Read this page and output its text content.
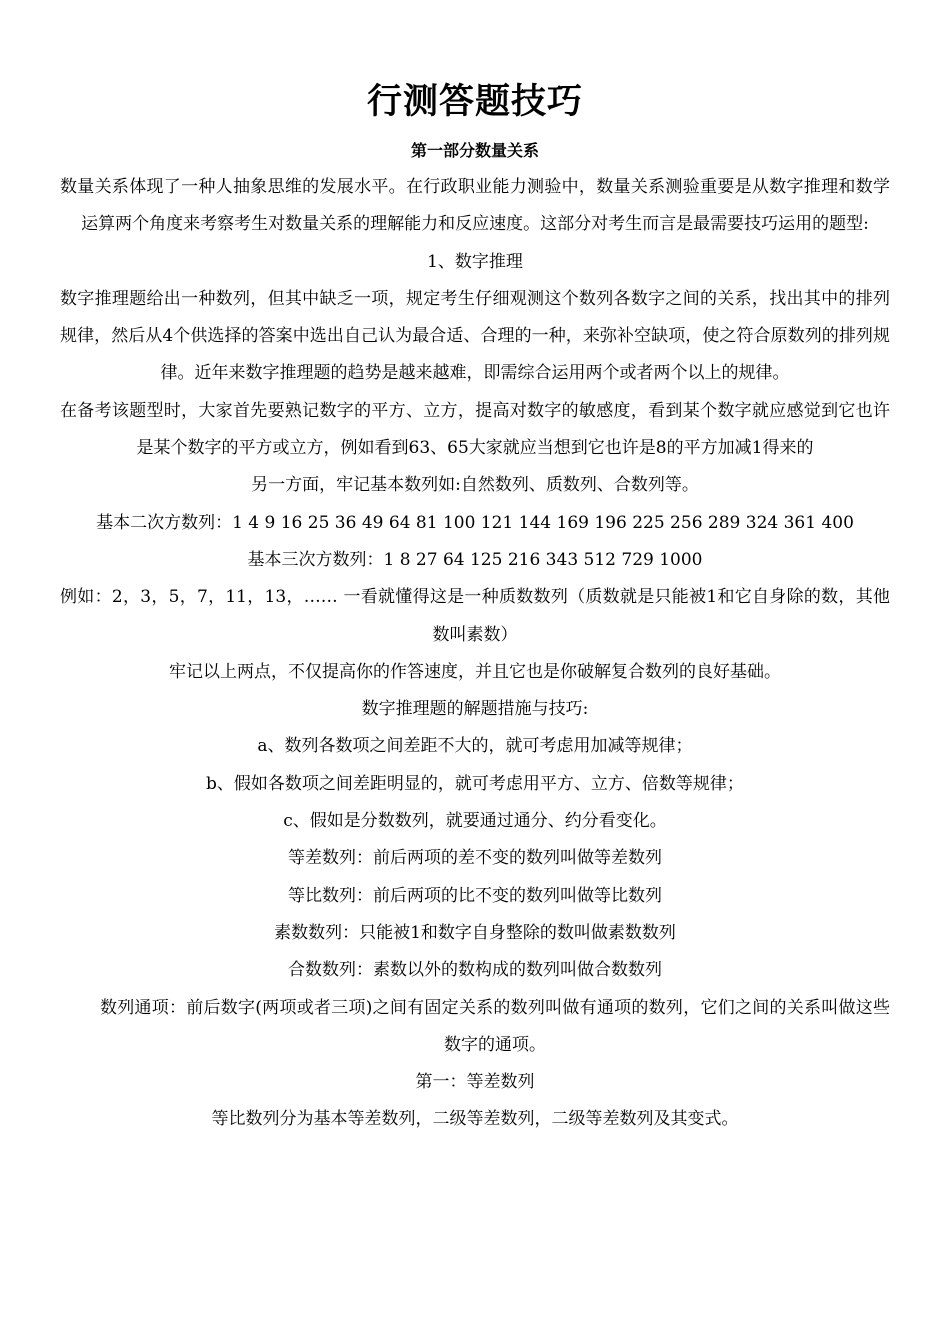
行测答题技巧
第一部分数量关系

数量关系体现了一种人抽象思维的发展水平。在行政职业能力测验中，数量关系测验重要是从数字推理和数学运算两个角度来考察考生对数量关系的理解能力和反应速度。这部分对考生而言是最需要技巧运用的题型:

1、数字推理

数字推理题给出一种数列，但其中缺乏一项，规定考生仔细观测这个数列各数字之间的关系，找出其中的排列规律，然后从4个供选择的答案中选出自己认为最合适、合理的一种，来弥补空缺项，使之符合原数列的排列规律。近年来数字推理题的趋势是越来越难，即需综合运用两个或者两个以上的规律。

在备考该题型时，大家首先要熟记数字的平方、立方，提高对数字的敏感度，看到某个数字就应感觉到它也许是某个数字的平方或立方，例如看到63、65大家就应当想到它也许是8的平方加减1得来的

另一方面，牢记基本数列如:自然数列、质数列、合数列等。

基本二次方数列：1 4 9 16 25 36 49 64 81 100 121 144 169 196 225 256 289 324 361 400

基本三次方数列：1 8 27 64 125 216 343 512 729 1000

例如：2，3，5，7，11，13，…… 一看就懂得这是一种质数数列（质数就是只能被1和它自身除的数，其他数叫素数）

牢记以上两点，不仅提高你的作答速度，并且它也是你破解复合数列的良好基础。

数字推理题的解题措施与技巧:

a、数列各数项之间差距不大的，就可考虑用加减等规律；

b、假如各数项之间差距明显的，就可考虑用平方、立方、倍数等规律；

c、假如是分数数列，就要通过通分、约分看变化。

等差数列：前后两项的差不变的数列叫做等差数列

等比数列：前后两项的比不变的数列叫做等比数列

素数数列：只能被1和数字自身整除的数叫做素数数列

合数数列：素数以外的数构成的数列叫做合数数列

数列通项：前后数字(两项或者三项)之间有固定关系的数列叫做有通项的数列，它们之间的关系叫做这些数字的通项。

第一：等差数列

等比数列分为基本等差数列，二级等差数列，二级等差数列及其变式。
